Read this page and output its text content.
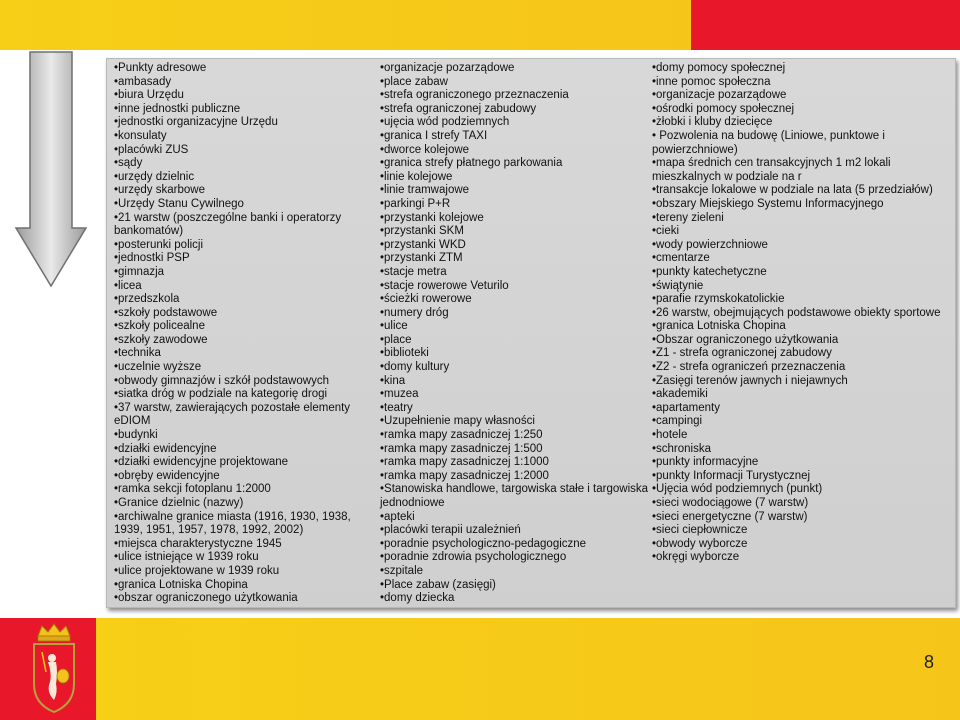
• Punkty adresowe
• ambasady
• biura Urzędu
• inne jednostki publiczne
• jednostki organizacyjne Urzędu
• konsulaty
• placówki ZUS
• sądy
• urzędy dzielnic
• urzędy skarbowe
• Urzędy Stanu Cywilnego
• 21 warstw (poszczególne banki i operatorzy bankomatów)
• posterunki policji
• jednostki PSP
• gimnazja
• licea
• przedszkola
• szkoły podstawowe
• szkoły policealne
• szkoły zawodowe
• technika
• uczelnie wyższe
• obwody gimnazjów i szkół podstawowych
• siatka dróg w podziale na kategorię drogi
• 37 warstw, zawierających pozostałe elementy eDIOM
• budynki
• działki ewidencyjne
• działki ewidencyjne projektowane
• obręby ewidencyjne
• ramka sekcji fotoplanu 1:2000
• Granice dzielnic (nazwy)
• archiwalne granice miasta (1916, 1930, 1938, 1939, 1951, 1957, 1978, 1992, 2002)
• miejsca charakterystyczne 1945
• ulice istniejące w 1939 roku
• ulice projektowane w 1939 roku
• granica Lotniska Chopina
• obszar ograniczonego użytkowania
• organizacje pozarządowe
• place zabaw
• strefa ograniczonego przeznaczenia
• strefa ograniczonej zabudowy
• ujęcia wód podziemnych
• granica I strefy TAXI
• dworce kolejowe
• granica strefy płatnego parkowania
• linie kolejowe
• linie tramwajowe
• parkingi P+R
• przystanki kolejowe
• przystanki SKM
• przystanki WKD
• przystanki ZTM
• stacje metra
• stacje rowerowe Veturilo
• ścieżki rowerowe
• numery dróg
• ulice
• place
• biblioteki
• domy kultury
• kina
• muzea
• teatry
• Uzupełnienie mapy własności
• ramka mapy zasadniczej 1:250
• ramka mapy zasadniczej 1:500
• ramka mapy zasadniczej 1:1000
• ramka mapy zasadniczej 1:2000
• Stanowiska handlowe, targowiska stałe i targowiska jednodniowe
• apteki
• placówki terapii uzależnień
• poradnie psychologiczno-pedagogiczne
• poradnie zdrowia psychologicznego
• szpitale
• Place zabaw (zasięgi)
• domy dziecka
• domy pomocy społecznej
• inne pomoc społeczna
• organizacje pozarządowe
• ośrodki pomocy społecznej
• żłobki i kluby dziecięce
• Pozwolenia na budowę (Liniowe, punktowe i powierzchniowe)
• mapa średnich cen transakcyjnych 1 m2 lokali mieszkalnych w podziale na r
• transakcje lokalowe w podziale na lata (5 przedziałów)
• obszary Miejskiego Systemu Informacyjnego
• tereny zieleni
• cieki
• wody powierzchniowe
• cmentarze
• punkty katechetyczne
• świątynie
• parafie rzymskokatolickie
• 26 warstw, obejmujących podstawowe obiekty sportowe
• granica Lotniska Chopina
• Obszar ograniczonego użytkowania
• Z1 - strefa ograniczonej zabudowy
• Z2 - strefa ograniczeń przeznaczenia
• Zasięgi terenów jawnych i niejawnych
• akademiki
• apartamenty
• campingi
• hotele
• schroniska
• punkty informacyjne
• punkty Informacji Turystycznej
• Ujęcia wód podziemnych (punkt)
• sieci wodociągowe (7 warstw)
• sieci energetyczne (7 warstw)
• sieci ciepłownicze
• obwody wyborcze
• okręgi wyborcze
8
